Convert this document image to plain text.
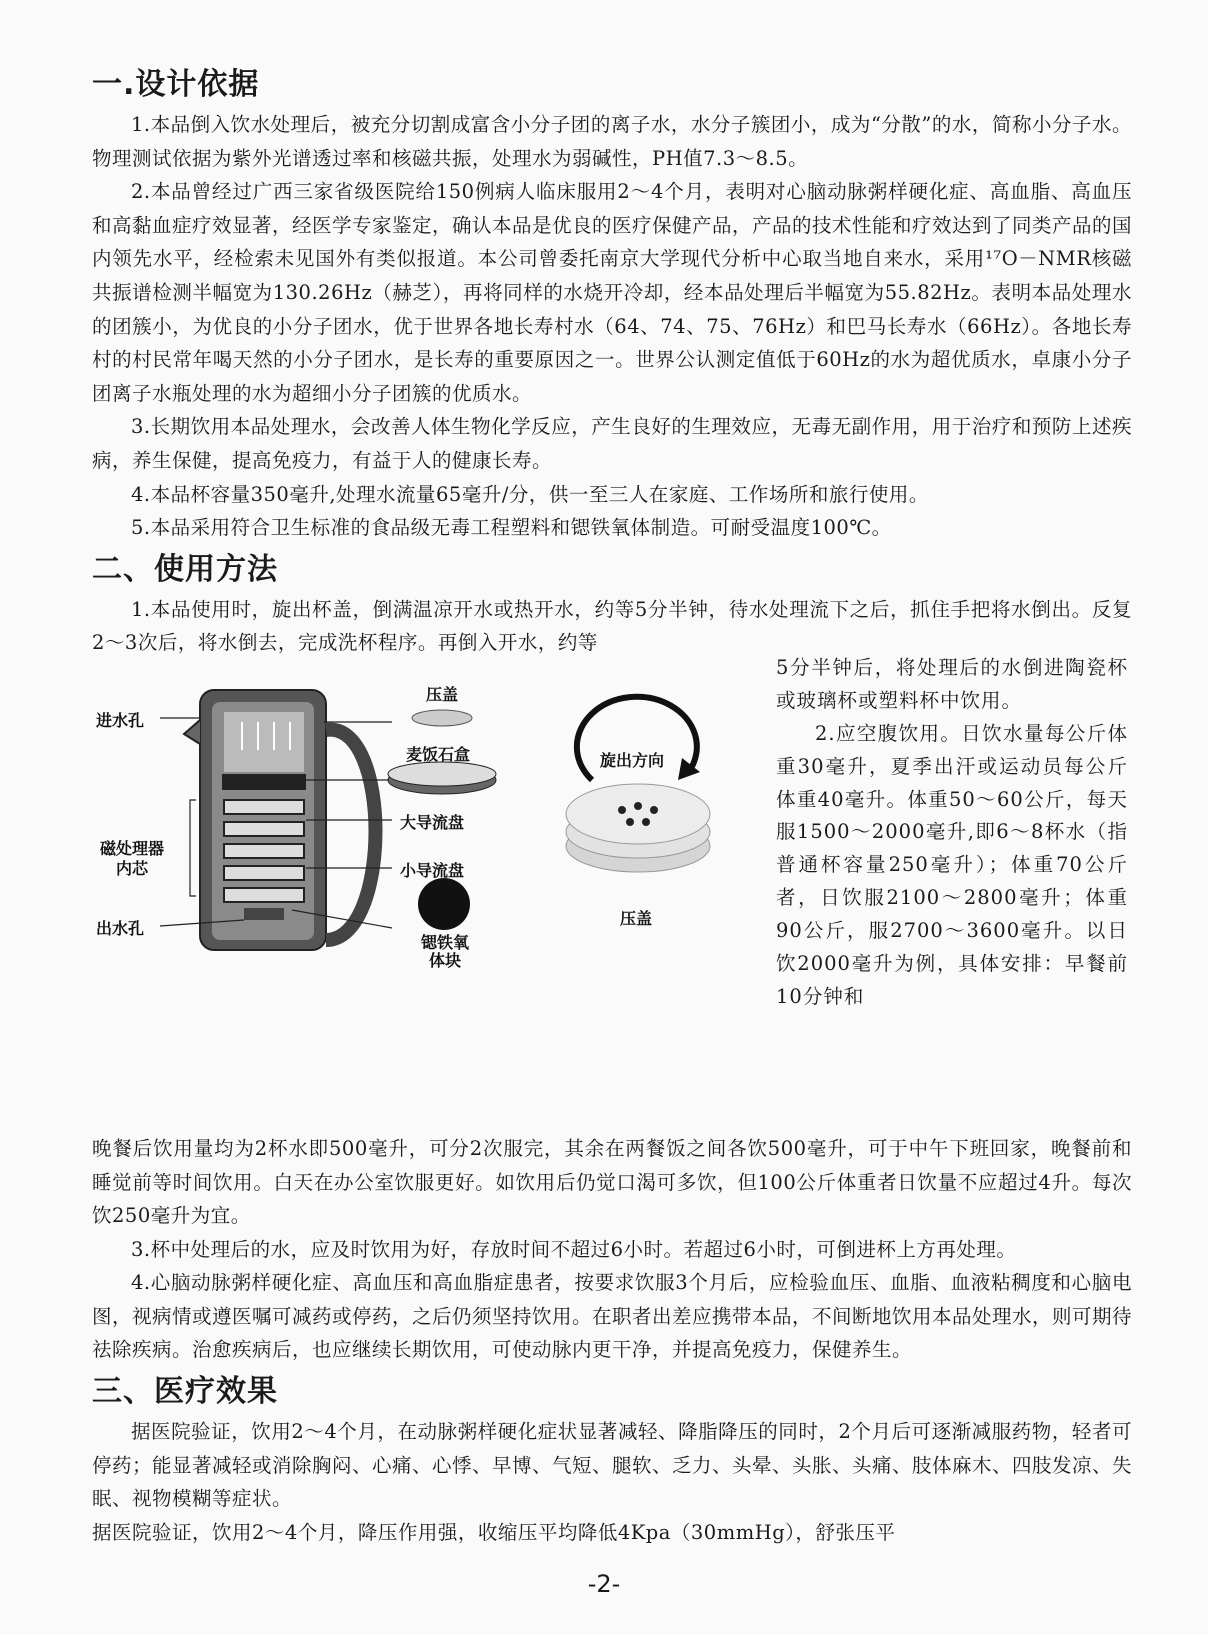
一.设计依据

1.本品倒入饮水处理后，被充分切割成富含小分子团的离子水，水分子簇团小，成为“分散”的水，简称小分子水。物理测试依据为紫外光谱透过率和核磁共振，处理水为弱碱性，PH值7.3～8.5。

2.本品曾经过广西三家省级医院给150例病人临床服用2～4个月，表明对心脑动脉粥样硬化症、高血脂、高血压和高黏血症疗效显著，经医学专家鉴定，确认本品是优良的医疗保健产品，产品的技术性能和疗效达到了同类产品的国内领先水平，经检索未见国外有类似报道。本公司曾委托南京大学现代分析中心取当地自来水，采用¹⁷O－NMR核磁共振谱检测半幅宽为130.26Hz（赫芝），再将同样的水烧开冷却，经本品处理后半幅宽为55.82Hz。表明本品处理水的团簇小，为优良的小分子团水，优于世界各地长寿村水（64、74、75、76Hz）和巴马长寿水（66Hz）。各地长寿村的村民常年喝天然的小分子团水，是长寿的重要原因之一。世界公认测定值低于60Hz的水为超优质水，卓康小分子团离子水瓶处理的水为超细小分子团簇的优质水。

3.长期饮用本品处理水，会改善人体生物化学反应，产生良好的生理效应，无毒无副作用，用于治疗和预防上述疾病，养生保健，提高免疫力，有益于人的健康长寿。

4.本品杯容量350毫升,处理水流量65毫升/分，供一至三人在家庭、工作场所和旅行使用。

5.本品采用符合卫生标准的食品级无毒工程塑料和锶铁氧体制造。可耐受温度100℃。

二、使用方法

1.本品使用时，旋出杯盖，倒满温凉开水或热开水，约等5分半钟，待水处理流下之后，抓住手把将水倒出。反复2～3次后，将水倒去，完成洗杯程序。再倒入开水，约等

进水孔
磁处理器
内芯
出水孔
压盖
麦饭石盒
大导流盘
小导流盘
锶铁氧
体块
旋出方向
压盖
5分半钟后，将处理后的水倒进陶瓷杯或玻璃杯或塑料杯中饮用。
2.应空腹饮用。日饮水量每公斤体重30毫升，夏季出汗或运动员每公斤体重40毫升。体重50～60公斤，每天服1500～2000毫升,即6～8杯水（指普通杯容量250毫升）；体重70公斤者，日饮服2100～2800毫升；体重90公斤，服2700～3600毫升。以日饮2000毫升为例，具体安排：早餐前10分钟和

晚餐后饮用量均为2杯水即500毫升，可分2次服完，其余在两餐饭之间各饮500毫升，可于中午下班回家，晚餐前和睡觉前等时间饮用。白天在办公室饮服更好。如饮用后仍觉口渴可多饮，但100公斤体重者日饮量不应超过4升。每次饮250毫升为宜。

3.杯中处理后的水，应及时饮用为好，存放时间不超过6小时。若超过6小时，可倒进杯上方再处理。

4.心脑动脉粥样硬化症、高血压和高血脂症患者，按要求饮服3个月后，应检验血压、血脂、血液粘稠度和心脑电图，视病情或遵医嘱可减药或停药，之后仍须坚持饮用。在职者出差应携带本品，不间断地饮用本品处理水，则可期待祛除疾病。治愈疾病后，也应继续长期饮用，可使动脉内更干净，并提高免疫力，保健养生。

三、医疗效果

据医院验证，饮用2～4个月，在动脉粥样硬化症状显著减轻、降脂降压的同时，2个月后可逐渐减服药物，轻者可停药；能显著减轻或消除胸闷、心痛、心悸、早博、气短、腿软、乏力、头晕、头胀、头痛、肢体麻木、四肢发凉、失眠、视物模糊等症状。

据医院验证，饮用2～4个月，降压作用强，收缩压平均降低4Kpa（30mmHg），舒张压平

-2-
